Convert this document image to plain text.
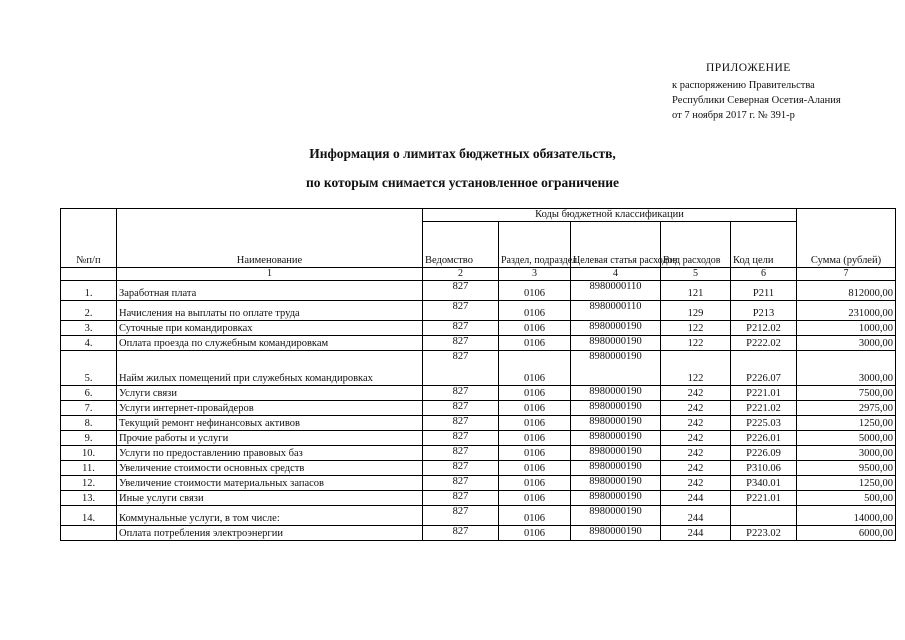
ПРИЛОЖЕНИЕ
к распоряжению Правительства
Республики Северная Осетия-Алания
от 7 ноября 2017 г. № 391-р
Информация о лимитах бюджетных обязательств,
по которым снимается установленное ограничение
		Коды бюджетной классификации					
№п/п	Наименование	Ведомство	Раздел, подраздел	Целевая статья расходов	Вид расходов	Код цели	Сумма (рублей)
	1	2	3	4	5	6	7
1.	Заработная плата	827	0106	8980000110	121	Р211	812000,00
2.	Начисления на выплаты по оплате труда	827	0106	8980000110	129	Р213	231000,00
3.	Суточные при командировках	827	0106	8980000190	122	Р212.02	1000,00
4.	Оплата проезда по служебным командировкам	827	0106	8980000190	122	Р222.02	3000,00
5.	Найм жилых помещений при служебных командировках	827	0106	8980000190	122	Р226.07	3000,00
6.	Услуги связи	827	0106	8980000190	242	Р221.01	7500,00
7.	Услуги интернет-провайдеров	827	0106	8980000190	242	Р221.02	2975,00
8.	Текущий ремонт нефинансовых активов	827	0106	8980000190	242	Р225.03	1250,00
9.	Прочие работы и услуги	827	0106	8980000190	242	Р226.01	5000,00
10.	Услуги по предоставлению правовых баз	827	0106	8980000190	242	Р226.09	3000,00
11.	Увеличение стоимости основных средств	827	0106	8980000190	242	Р310.06	9500,00
12.	Увеличение стоимости материальных запасов	827	0106	8980000190	242	Р340.01	1250,00
13.	Иные услуги связи	827	0106	8980000190	244	Р221.01	500,00
14.	Коммунальные услуги, в том числе:	827	0106	8980000190	244		14000,00
	Оплата потребления электроэнергии	827	0106	8980000190	244	Р223.02	6000,00
